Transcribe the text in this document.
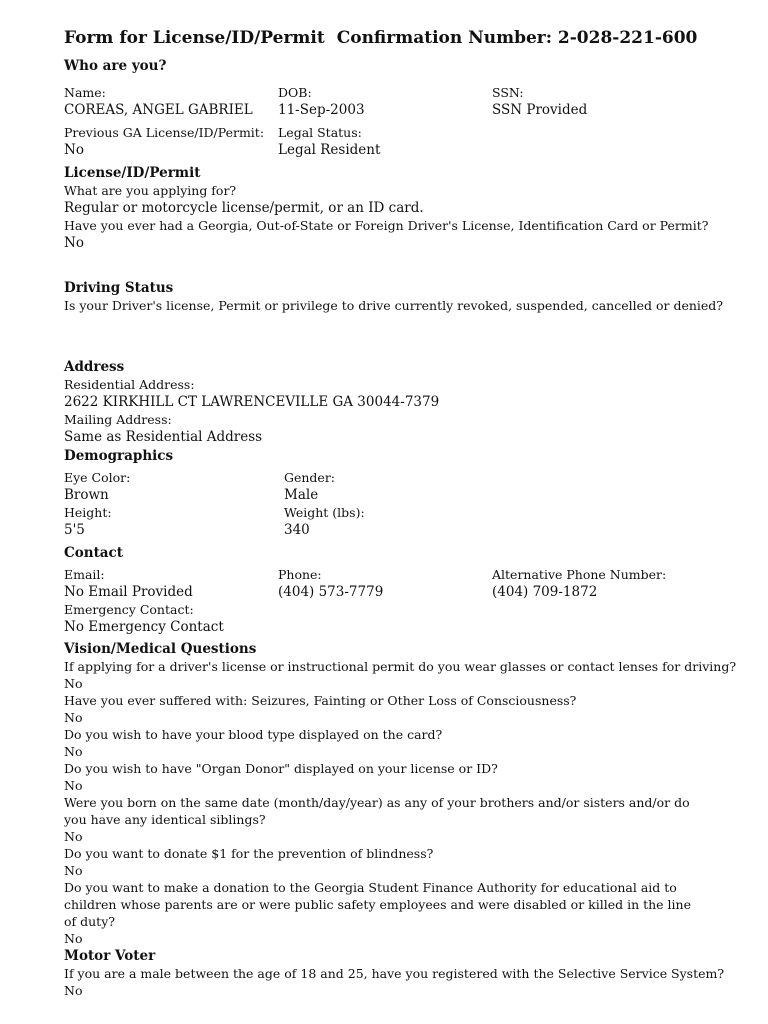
Form for License/ID/Permit Confirmation Number: 2-028-221-600
Who are you?
Name:
COREAS, ANGEL GABRIEL
DOB:
11-Sep-2003
SSN:
SSN Provided
Previous GA License/ID/Permit:
No
Legal Status:
Legal Resident
License/ID/Permit
What are you applying for?
Regular or motorcycle license/permit, or an ID card.
Have you ever had a Georgia, Out-of-State or Foreign Driver's License, Identification Card or Permit?
No
Driving Status
Is your Driver's license, Permit or privilege to drive currently revoked, suspended, cancelled or denied?
Address
Residential Address:
2622 KIRKHILL CT LAWRENCEVILLE GA 30044-7379
Mailing Address:
Same as Residential Address
Demographics
Eye Color:
Brown
Gender:
Male
Height:
5'5
Weight (lbs):
340
Contact
Email:
No Email Provided
Phone:
(404) 573-7779
Alternative Phone Number:
(404) 709-1872
Emergency Contact:
No Emergency Contact
Vision/Medical Questions
If applying for a driver's license or instructional permit do you wear glasses or contact lenses for driving?
No
Have you ever suffered with: Seizures, Fainting or Other Loss of Consciousness?
No
Do you wish to have your blood type displayed on the card?
No
Do you wish to have "Organ Donor" displayed on your license or ID?
No
Were you born on the same date (month/day/year) as any of your brothers and/or sisters and/or do you have any identical siblings?
No
Do you want to donate $1 for the prevention of blindness?
No
Do you want to make a donation to the Georgia Student Finance Authority for educational aid to children whose parents are or were public safety employees and were disabled or killed in the line of duty?
No
Motor Voter
If you are a male between the age of 18 and 25, have you registered with the Selective Service System?
No
